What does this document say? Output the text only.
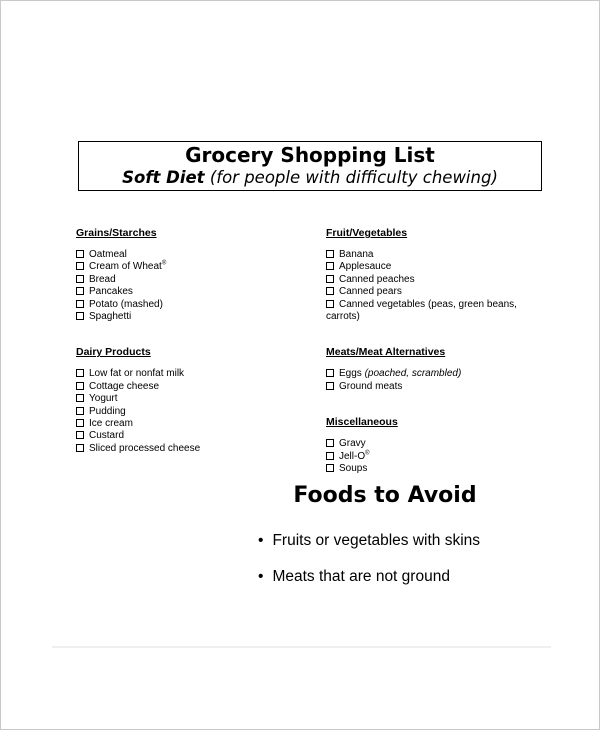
Grocery Shopping List
Soft Diet (for people with difficulty chewing)
Grains/Starches
Oatmeal
Cream of Wheat®
Bread
Pancakes
Potato (mashed)
Spaghetti
Dairy Products
Low fat or nonfat milk
Cottage cheese
Yogurt
Pudding
Ice cream
Custard
Sliced processed cheese
Fruit/Vegetables
Banana
Applesauce
Canned peaches
Canned pears
Canned vegetables (peas, green beans, carrots)
Meats/Meat Alternatives
Eggs (poached, scrambled)
Ground meats
Miscellaneous
Gravy
Jell-O®
Soups
Foods to Avoid
• Fruits or vegetables with skins
• Meats that are not ground
